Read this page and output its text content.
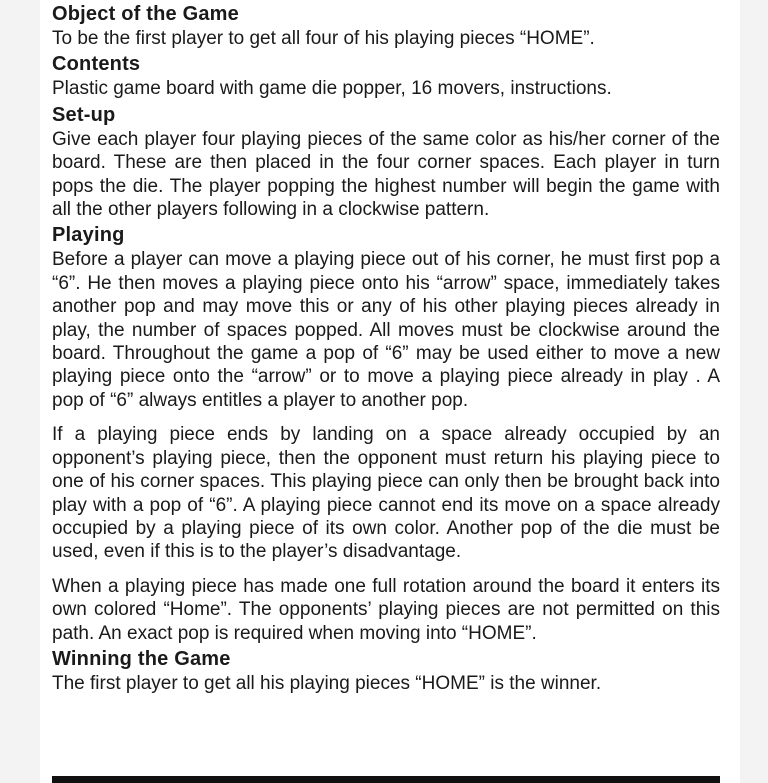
Object of the Game

To be the first player to get all four of his playing pieces “HOME”.

Contents

Plastic game board with game die popper, 16 movers, instructions.

Set-up

Give each player four playing pieces of the same color as his/her corner of the board. These are then placed in the four corner spaces. Each player in turn pops the die. The player popping the highest number will begin the game with all the other players following in a clockwise pattern.

Playing

Before a player can move a playing piece out of his corner, he must first pop a “6”. He then moves a playing piece onto his “arrow” space, immediately takes another pop and may move this or any of his other playing pieces already in play, the number of spaces popped. All moves must be clockwise around the board. Throughout the game a pop of “6” may be used either to move a new playing piece onto the “arrow” or to move a playing piece already in play . A pop of “6” always entitles a player to another pop.

If a playing piece ends by landing on a space already occupied by an opponent’s playing piece, then the opponent must return his playing piece to one of his corner spaces. This playing piece can only then be brought back into play with a pop of “6”. A playing piece cannot end its move on a space already occupied by a playing piece of its own color. Another pop of the die must be used, even if this is to the player’s disadvantage.

When a playing piece has made one full rotation around the board it enters its own colored “Home”. The opponents’ playing pieces are not permitted on this path. An exact pop is required when moving into “HOME”.

Winning the Game

The first player to get all his playing pieces “HOME” is the winner.
